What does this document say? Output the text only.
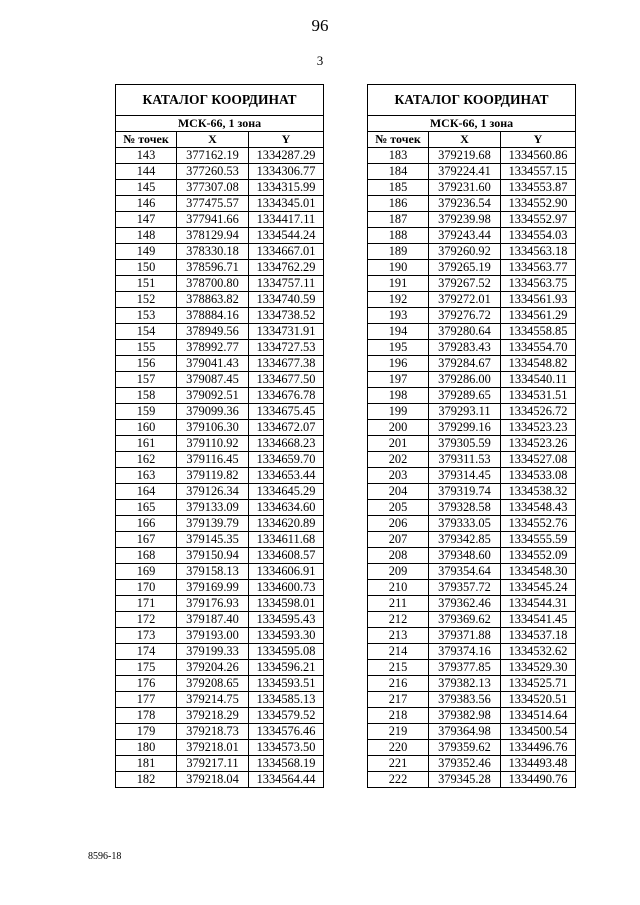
96
3
КАТАЛОГ КООРДИНАТ		
МСК-66, 1 зона		
№ точек	X	Y
143	377162.19	1334287.29
144	377260.53	1334306.77
145	377307.08	1334315.99
146	377475.57	1334345.01
147	377941.66	1334417.11
148	378129.94	1334544.24
149	378330.18	1334667.01
150	378596.71	1334762.29
151	378700.80	1334757.11
152	378863.82	1334740.59
153	378884.16	1334738.52
154	378949.56	1334731.91
155	378992.77	1334727.53
156	379041.43	1334677.38
157	379087.45	1334677.50
158	379092.51	1334676.78
159	379099.36	1334675.45
160	379106.30	1334672.07
161	379110.92	1334668.23
162	379116.45	1334659.70
163	379119.82	1334653.44
164	379126.34	1334645.29
165	379133.09	1334634.60
166	379139.79	1334620.89
167	379145.35	1334611.68
168	379150.94	1334608.57
169	379158.13	1334606.91
170	379169.99	1334600.73
171	379176.93	1334598.01
172	379187.40	1334595.43
173	379193.00	1334593.30
174	379199.33	1334595.08
175	379204.26	1334596.21
176	379208.65	1334593.51
177	379214.75	1334585.13
178	379218.29	1334579.52
179	379218.73	1334576.46
180	379218.01	1334573.50
181	379217.11	1334568.19
182	379218.04	1334564.44
КАТАЛОГ КООРДИНАТ		
МСК-66, 1 зона		
№ точек	X	Y
183	379219.68	1334560.86
184	379224.41	1334557.15
185	379231.60	1334553.87
186	379236.54	1334552.90
187	379239.98	1334552.97
188	379243.44	1334554.03
189	379260.92	1334563.18
190	379265.19	1334563.77
191	379267.52	1334563.75
192	379272.01	1334561.93
193	379276.72	1334561.29
194	379280.64	1334558.85
195	379283.43	1334554.70
196	379284.67	1334548.82
197	379286.00	1334540.11
198	379289.65	1334531.51
199	379293.11	1334526.72
200	379299.16	1334523.23
201	379305.59	1334523.26
202	379311.53	1334527.08
203	379314.45	1334533.08
204	379319.74	1334538.32
205	379328.58	1334548.43
206	379333.05	1334552.76
207	379342.85	1334555.59
208	379348.60	1334552.09
209	379354.64	1334548.30
210	379357.72	1334545.24
211	379362.46	1334544.31
212	379369.62	1334541.45
213	379371.88	1334537.18
214	379374.16	1334532.62
215	379377.85	1334529.30
216	379382.13	1334525.71
217	379383.56	1334520.51
218	379382.98	1334514.64
219	379364.98	1334500.54
220	379359.62	1334496.76
221	379352.46	1334493.48
222	379345.28	1334490.76
8596-18
